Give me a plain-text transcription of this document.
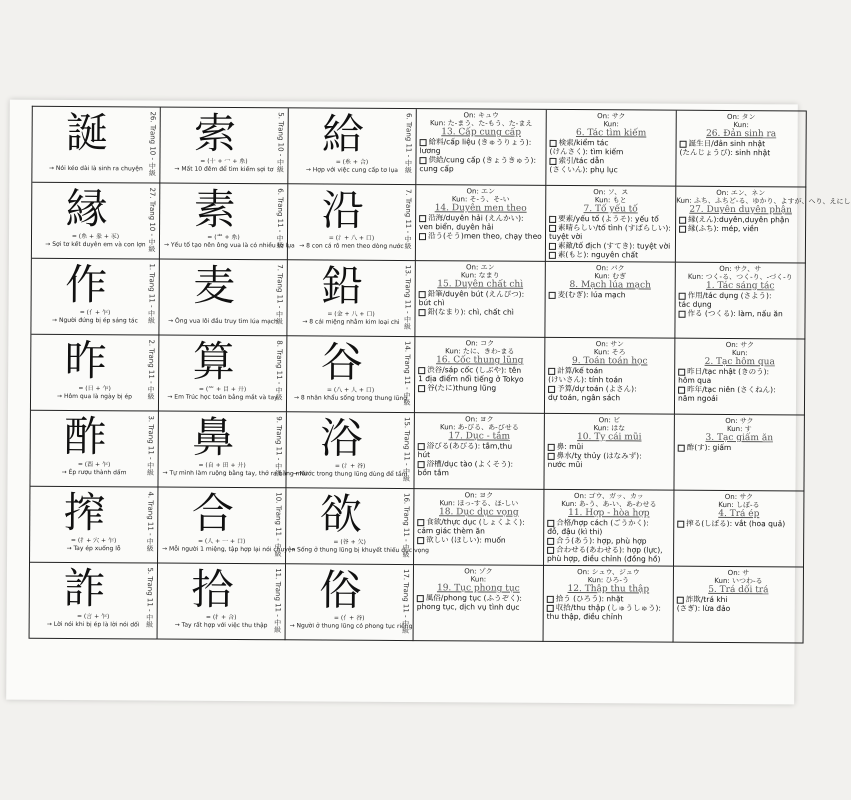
誕	26. Trang 10 - 中級
→ Nói kéo dài là sinh ra chuyện
索	5. Trang 10 - 中級
= (十 + 冖 + 糸)
→ Mất 10 đêm để tìm kiếm sợi tơ
給	6. Trang 11 - 中級
= (糸 + 合)
→ Hợp với việc cung cấp tơ lụa
On: キュウ
Kun: た-まう、た-もう、た-まえ
13. Cấp cung cấp
給料/cấp liệu (きゅうりょう):
lương
供給/cung cấp (きょうきゅう):
cung cấp
On: サク
Kun:
6. Tác tìm kiếm
検索/kiểm tác
(けんさく): tìm kiếm
索引/tác dẫn
(さくいん): phụ lục
On: タン
Kun:
26. Đản sinh ra
誕生日/đản sinh nhật
(たんじょうび): sinh nhật
縁	27. Trang 10 - 中級
= (糸 + 彖 + 豕)
→ Sợi tơ kết duyên em và con lợn
素	6. Trang 11 - 中級
= (龶 + 糸)
→ Yếu tố tạo nên ông vua là có nhiều tơ lụa
沿	7. Trang 11 - 中級
= (氵+ 八 + 口)
→ 8 con cá rô men theo dòng nước
On: エン
Kun: そ-う、そ-い
14. Duyên men theo
沿海/duyên hải (えんかい):
ven biển, duyên hải
沿う(そう)men theo, chạy theo
On: ソ、ス
Kun: もと
7. Tố yếu tố
要素/yếu tố (ようそ): yếu tố
素晴らしい/tố tình (すばらしい):
tuyệt vời
素敵/tố địch (すてき): tuyệt vời
素(もと): nguyên chất
On: エン、ネン
Kun: ふち、ふちど-る、ゆかり、よすが、へり、えにし
27. Duyên duyên phận
縁(えん):duyên,duyên phận
縁(ふち): mép, viền
作	1. Trang 11 - 中級
= (亻+ 乍)
→ Người đứng bị ép sáng tác
麦	7. Trang 11 - 中級
→ Ông vua lôi đầu truy tìm lúa mạch
鉛	13. Trang 11 - 中級
= (金 + 八 + 口)
→ 8 cái miệng nhằm kim loại chì
On: エン
Kun: なまり
15. Duyên chất chì
鉛筆/duyên bút (えんぴつ):
bút chì
鉛(なまり): chì, chất chì
On: バク
Kun: むぎ
8. Mạch lúa mạch
麦(むぎ): lúa mạch
On: サク、サ
Kun: つく-る、つく-り、-づく-り
1. Tác sáng tác
作用/tác dụng (さよう):
tác dụng
作る (つくる): làm, nấu ăn
昨	2. Trang 11 - 中級
= (日 + 乍)
→ Hôm qua là ngày bị ép
算	8. Trang 11 - 中級
= (⺮ + 目 + 廾)
→ Em Trúc học toán bằng mắt và tay
谷	14. Trang 11 - 中級
= (八 + 人 + 口)
→ 8 nhân khẩu sống trong thung lũng
On: コク
Kun: たに、きわ-まる
16. Cốc thung lũng
渋谷/sáp cốc (しぶや): tên
1 địa điểm nổi tiếng ở Tokyo
谷(たに)thung lũng
On: サン
Kun: そろ
9. Toán toán học
計算/kế toán
(けいさん): tính toán
予算/dự toán (よさん):
dự toán, ngân sách
On: サク
Kun:
2. Tạc hôm qua
昨日/tạc nhật (きのう):
hôm qua
昨年/tạc niên (さくねん):
năm ngoái
酢	3. Trang 11 - 中級
= (酉 + 乍)
→ Ép rượu thành dấm
鼻	9. Trang 11 - 中級
= (自 + 田 + 廾)
→ Tự mình làm ruộng bằng tay, thở ra bằng mũi
浴	15. Trang 11 - 中級
= (氵+ 谷)
→ Nước trong thung lũng dùng để tắm
On: ヨク
Kun: あ-びる、あ-びせる
17. Dục - tắm
浴びる(あびる): tắm,thu
hút
浴槽/dục tào (よくそう):
bồn tắm
On: ビ
Kun: はな
10. Tỵ cái mũi
鼻: mũi
鼻水/tỵ thủy (はなみず):
nước mũi
On: サク
Kun: す
3. Tạc giấm ăn
酢(す): giấm
搾	4. Trang 11 - 中級
= (扌+ 穴 + 乍)
→ Tay ép xuống lỗ
合	10. Trang 11 - 中級
= (人 + 一 + 口)
→ Mỗi người 1 miệng, tập hợp lại nói chuyện
欲	16. Trang 11 - 中級
= (谷 + 欠)
→ Sống ở thung lũng bị khuyết thiếu dục vọng
On: ヨク
Kun: ほっ-する、ほ-しい
18. Dục dục vọng
食欲/thực dục (しょくよく):
cảm giác thèm ăn
欲しい (ほしい): muốn
On: ゴウ、ガッ、カッ
Kun: あ-う、あ-い、あ-わせる
11. Hợp - hòa hợp
合格/hợp cách (ごうかく):
đỗ, đậu (kì thi)
合う(あう): hợp, phù hợp
合わせる(あわせる): hợp (lực),
phù hợp, điều chỉnh (đồng hồ)
On: サク
Kun: しぼ-る
4. Trá ép
搾る(しぼる): vắt (hoa quả)
詐	5. Trang 11 - 中級
= (言 + 乍)
→ Lời nói khi bị ép là lời nói dối
拾	11. Trang 11 - 中級
= (扌+ 合)
→ Tay rất hợp với việc thu thập
俗	17. Trang 11 - 中級
= (亻+ 谷)
→ Người ở thung lũng có phong tục riêng
On: ゾク
Kun:
19. Tục phong tục
風俗/phong tục (ふうぞく):
phong tục, dịch vụ tình dục
On: シュウ、ジュウ
Kun: ひろ-う
12. Thập thu thập
拾う (ひろう): nhặt
収拾/thu thập (しゅうしゅう):
thu thập, điều chỉnh
On: サ
Kun: いつわ-る
5. Trá dối trá
詐欺/trá khi
(さぎ): lừa đảo
